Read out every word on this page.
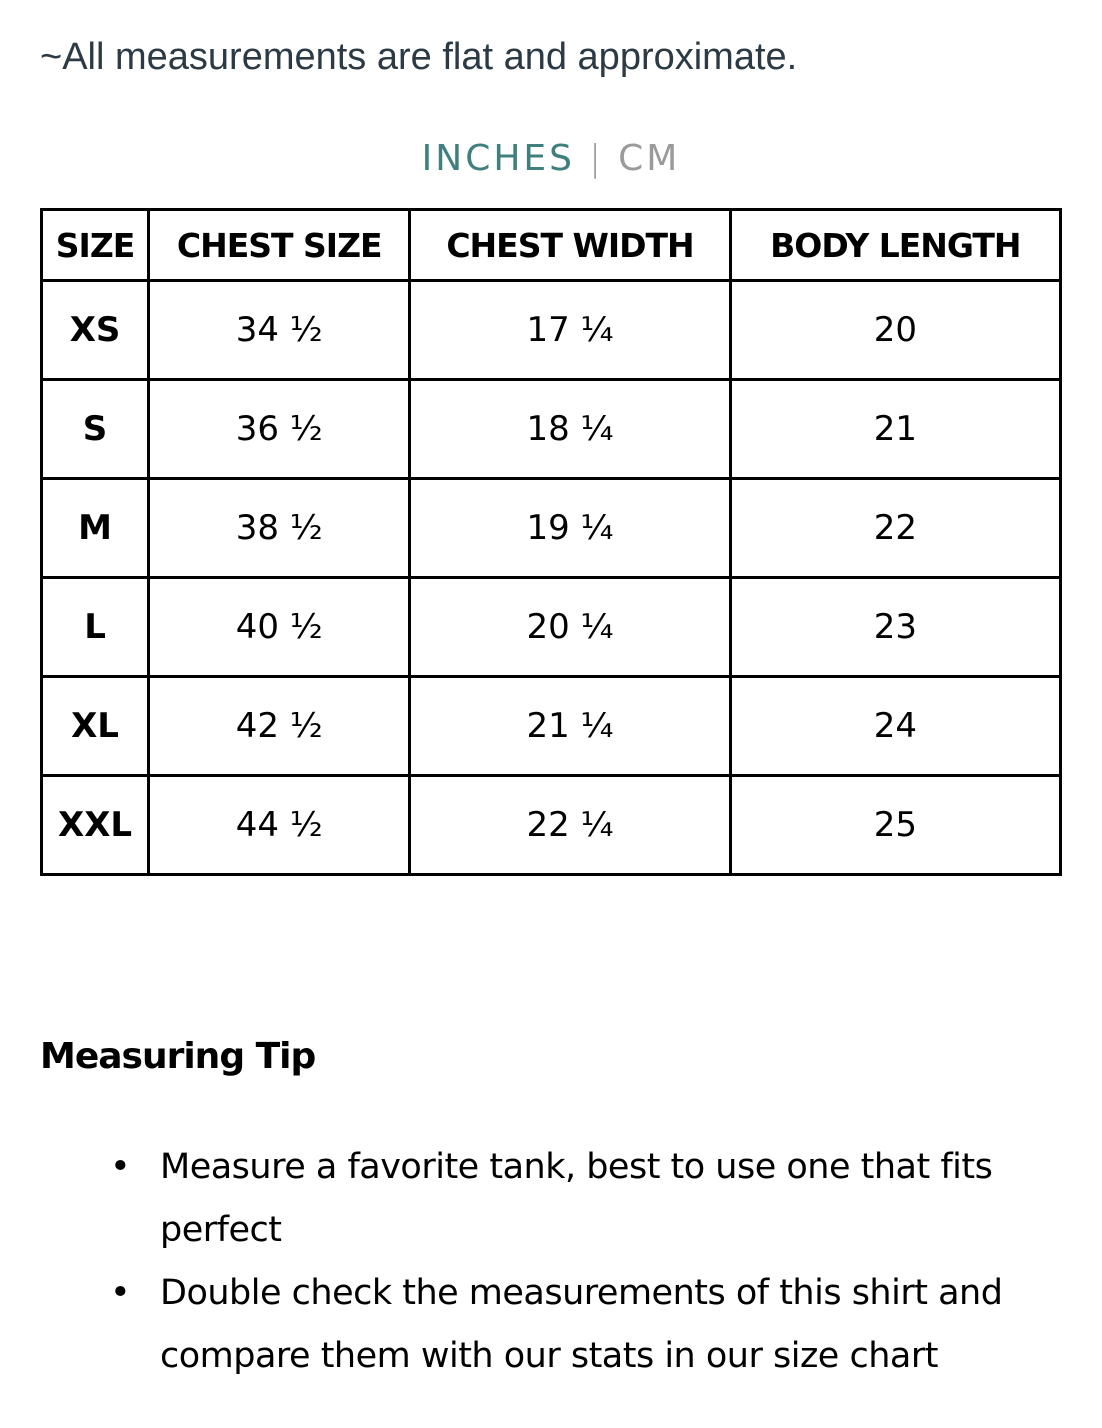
~All measurements are flat and approximate.
INCHES | CM
SIZE	CHEST SIZE	CHEST WIDTH	BODY LENGTH
XS	34 ½	17 ¼	20
S	36 ½	18 ¼	21
M	38 ½	19 ¼	22
L	40 ½	20 ¼	23
XL	42 ½	21 ¼	24
XXL	44 ½	22 ¼	25
Measuring Tip
• Measure a favorite tank, best to use one that fits perfect
• Double check the measurements of this shirt and compare them with our stats in our size chart
